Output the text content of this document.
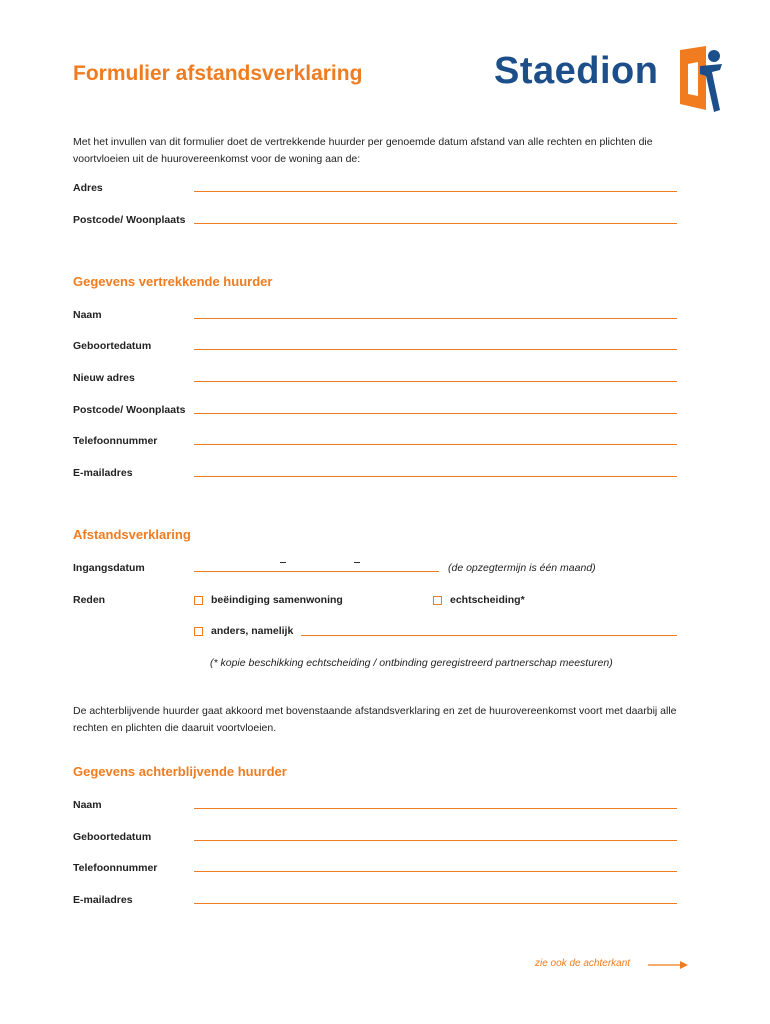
Formulier afstandsverklaring	Staedion
Met het invullen van dit formulier doet de vertrekkende huurder per genoemde datum afstand van alle rechten en plichten die voortvloeien uit de huurovereenkomst voor de woning aan de:
Adres
Postcode/ Woonplaats
Gegevens vertrekkende huurder
Naam
Geboortedatum
Nieuw adres
Postcode/ Woonplaats
Telefoonnummer
E-mailadres
Afstandsverklaring
Ingangsdatum	(de opzegtermijn is één maand)
Reden	beëindiging samenwoning	echtscheiding*
anders, namelijk
(* kopie beschikking echtscheiding / ontbinding geregistreerd partnerschap meesturen)
De achterblijvende huurder gaat akkoord met bovenstaande afstandsverklaring en zet de huurovereenkomst voort met daarbij alle rechten en plichten die daaruit voortvloeien.
Gegevens achterblijvende huurder
Naam
Geboortedatum
Telefoonnummer
E-mailadres
zie ook de achterkant
